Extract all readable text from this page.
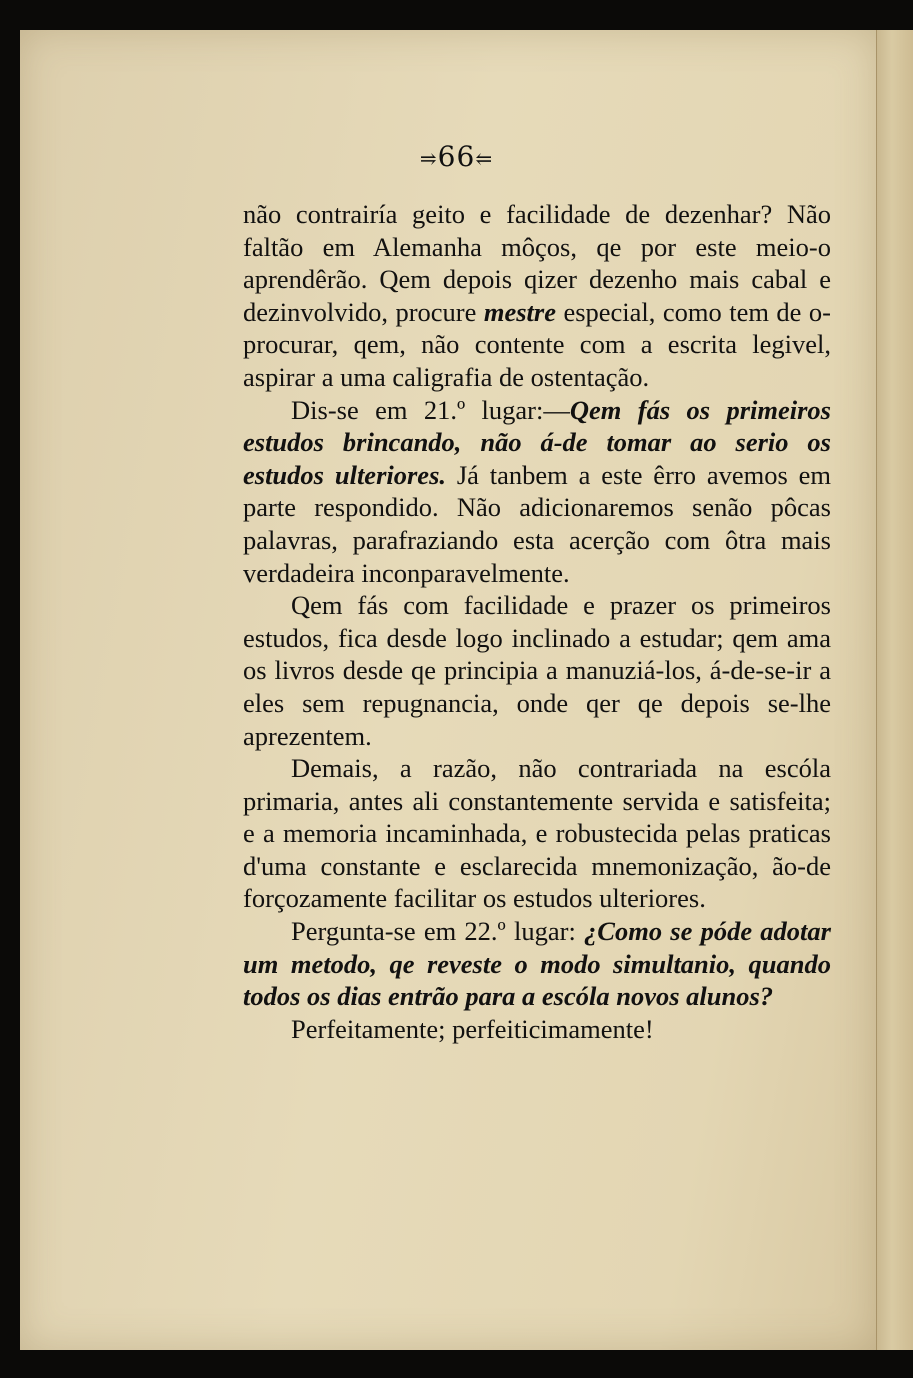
⥤66⥢

não contrairía geito e facilidade de dezenhar? Não faltão em Alemanha môços, qe por este meio-o aprendêrão. Qem depois qizer dezenho mais cabal e dezinvolvido, procure mestre especial, como tem de o-procurar, qem, não contente com a escrita legivel, aspirar a uma caligrafia de ostentação.

Dis-se em 21.º lugar:—Qem fás os primeiros estudos brincando, não á-de tomar ao serio os estudos ulteriores. Já tanbem a este êrro avemos em parte respondido. Não adicionaremos senão pôcas palavras, parafraziando esta acerção com ôtra mais verdadeira inconparavelmente.

Qem fás com facilidade e prazer os primeiros estudos, fica desde logo inclinado a estudar; qem ama os livros desde qe principia a manuziá-los, á-de-se-ir a eles sem repugnancia, onde qer qe depois se-lhe aprezentem.

Demais, a razão, não contrariada na escóla primaria, antes ali constantemente servida e satisfeita; e a memoria incaminhada, e robustecida pelas praticas d'uma constante e esclarecida mnemonização, ão-de forçozamente facilitar os estudos ulteriores.

Pergunta-se em 22.º lugar: ¿Como se póde adotar um metodo, qe reveste o modo simultanio, quando todos os dias entrão para a escóla novos alunos?

Perfeitamente; perfeiticimamente!
